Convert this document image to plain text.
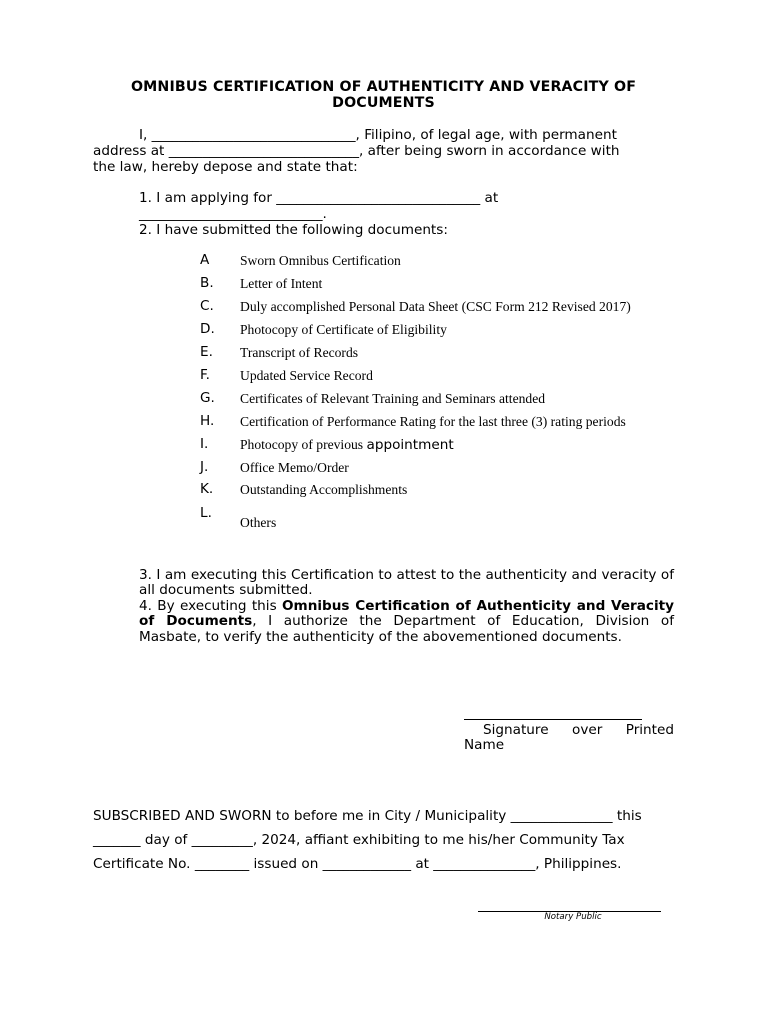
OMNIBUS CERTIFICATION OF AUTHENTICITY AND VERACITY OF DOCUMENTS
I, ______________________________, Filipino, of legal age, with permanent
address at ____________________________, after being sworn in accordance with
the law, hereby depose and state that:
1. I am applying for ______________________________ at
___________________________.
2. I have submitted the following documents:
A Sworn Omnibus Certification
B. Letter of Intent
C. Duly accomplished Personal Data Sheet (CSC Form 212 Revised 2017)
D. Photocopy of Certificate of Eligibility
E. Transcript of Records
F. Updated Service Record
G. Certificates of Relevant Training and Seminars attended
H. Certification of Performance Rating for the last three (3) rating periods
I. Photocopy of previous appointment
J. Office Memo/Order
K. Outstanding Accomplishments
L.
Others

3. I am executing this Certification to attest to the authenticity and veracity of all documents submitted.

4. By executing this Omnibus Certification of Authenticity and Veracity of Documents, I authorize the Department of Education, Division of Masbate, to verify the authenticity of the abovementioned documents.

Signature over Printed
Name
SUBSCRIBED AND SWORN to before me in City / Municipality _______________ this
_______ day of _________, 2024, affiant exhibiting to me his/her Community Tax
Certificate No. ________ issued on _____________ at _______________, Philippines.
Notary Public
